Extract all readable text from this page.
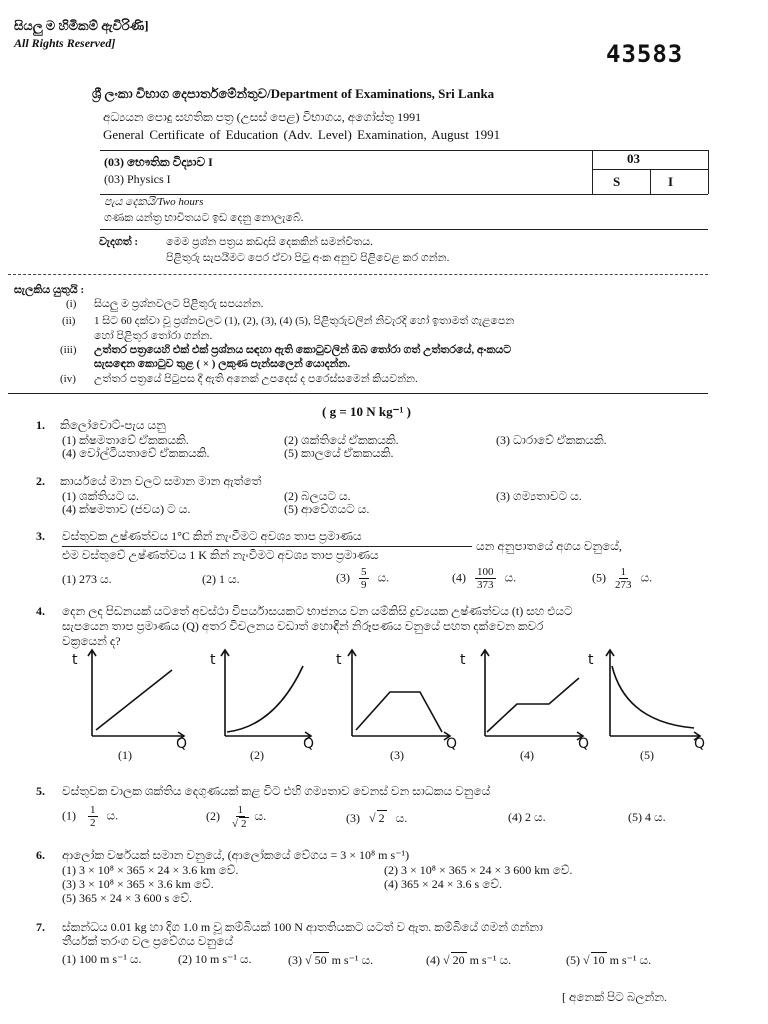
සියලු ම හිමිකම් ඇවිරිණි]
All Rights Reserved]	43583
ශ්‍රී ලංකා විභාග දෙපාර්තමේන්තුව/Department of Examinations, Sri Lanka
අධ්‍යයන පොදු සහතික පත්‍ර (උසස් පෙළ) විභාගය, අගෝස්තු 1991
General Certificate of Education (Adv. Level) Examination, August 1991
(03) භෞතික විද්‍යාව I
(03) Physics I
03
S	I
පැය දෙකයි/Two hours
ගණක යන්ත්‍ර භාවිතයට ඉඩ දෙනු නොලැබේ.
වැදගත් :	මෙම ප්‍රශ්න පත්‍රය කඩදාසි දෙකකින් සමන්විතය.
පිළිතුරු සැපයීමට පෙර ඒවා පිටු අංක අනුව පිළිවෙළ කර ගන්න.
සැලකිය යුතුයි :
(i) සියලු ම ප්‍රශ්නවලට පිළිතුරු සපයන්න.
(ii) 1 සිට 60 දක්වා වූ ප්‍රශ්නවලට (1), (2), (3), (4) (5), පිළිතුරුවලින් නිවැරදි හෝ ඉතාමත් ගැළපෙන
හෝ පිළිතුර තෝරා ගන්න.
(iii) උත්තර පත්‍රයෙහි එක් එක් ප්‍රශ්නය සඳහා ඇති කොටුවලින් ඔබ තෝරා ගත් උත්තරයේ, අංකයට
සැසඳෙන කොටුව තුළ ( × ) ලකුණ පැන්සලෙන් යොදන්න.
(iv) උත්තර පත්‍රයේ පිටුපස දී ඇති අනෙක් උපදෙස් ද පරෙස්සමෙන් කියවන්න.
( g = 10 N kg⁻¹ )
1. කිලෝවොට්-පැය යනු
(1) ක්ෂමතාවේ ඒකකයකි.	(2) ශක්තියේ ඒකකයකි.	(3) ධාරාවේ ඒකකයකි.
(4) වෝල්ටීයතාවේ ඒකකයකි.	(5) කාලයේ ඒකකයකි.
2. කාර්යයේ මාන වලට සමාන මාන ඇත්තේ
(1) ශක්තියට ය.	(2) බලයට ය.	(3) ගම්‍යතාවට ය.
(4) ක්ෂමතාව (ජවය) ට ය.	(5) ආවේගයට ය.
3. වස්තුවක උෂ්ණත්වය 1°C කින් නැංවීමට අවශ්‍ය තාප ප්‍රමාණය
එම වස්තුවේ උෂ්ණත්වය 1 K කින් නැංවීමට අවශ්‍ය තාප ප්‍රමාණය
යන අනුපාතයේ අගය වනුයේ,
(1) 273 ය.	(2) 1 ය.	$(3) \frac{5}{9}$ ය.	$(4) \frac{100}{373}$ ය.	$(5) \frac{1}{273}$ ය.
4. දෙන ලද පිඩනයක් යටතේ අවස්ථා විපර්යාසයකට භාජනය වන යම්කිසි ද්‍රව්‍යයක උෂ්ණත්වය (t) සහ එයට
සැපයෙන තාප ප්‍රමාණය (Q) අතර විචලනය වඩාත් හොඳින් නිරූපණය වනුයේ පහත දක්වෙන කවර
වක්‍රයෙන් ද?
t
Q
(1)
t
Q
(2)
t
Q
(3)
t
Q
(4)
t
Q
(5)
5. වස්තුවක චාලක ශක්තිය දෙගුණයක් කළ විට එහි ගම්‍යතාව වෙනස් වන සාධකය වනුයේ
$(1) \frac{1}{2}$ ය.	$(2) \frac{1}{√ 2}$ ය.	(3)   √ 2 ය.	(4) 2 ය.	(5) 4 ය.
6. ආලෝක වර්ෂයක් සමාන වනුයේ, (ආලෝකයේ වේගය = 3 × 10⁸ m s⁻¹)
(1) 3 × 10⁸ × 365 × 24 × 3.6 km වේ.	(2) 3 × 10⁸ × 365 × 24 × 3 600 km වේ.
(3) 3 × 10⁸ × 365 × 3.6 km වේ.	(4) 365 × 24 × 3.6 s වේ.
(5) 365 × 24 × 3 600 s වේ.
7. ස්කන්ධය 0.01 kg හා දිග 1.0 m වූ කම්බියක් 100 N ආතතියකට යටත් ව ඇත. කම්බියේ ගමන් ගන්නා
තීර්යක් තරංග වල ප්‍රවේගය වනුයේ
(1) 100 m s⁻¹ ය.	(2) 10 m s⁻¹ ය.	(3) √ 50 m s⁻¹ ය.	(4) √ 20 m s⁻¹ ය.	(5) √ 10 m s⁻¹ ය.
[ අනෙක් පිට බලන්න.
